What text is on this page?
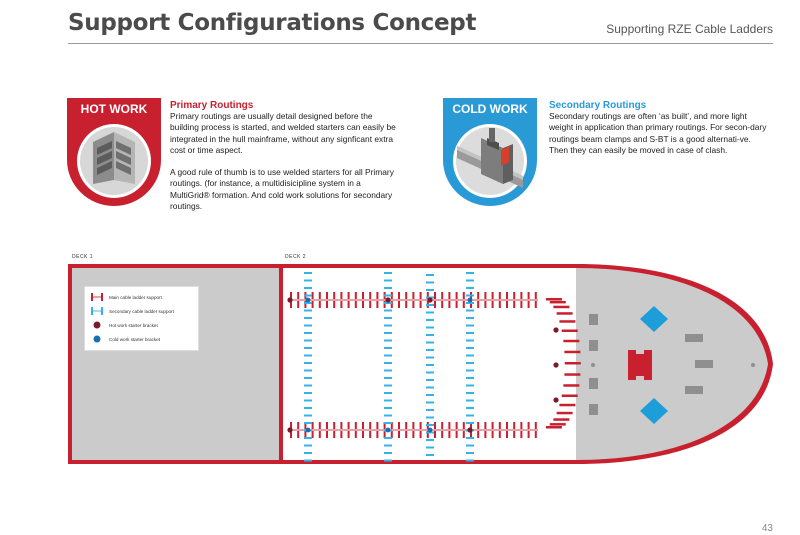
Support Configurations Concept	Supporting RZE Cable Ladders
HOT WORK	Primary Routings

Primary routings are usually detail designed before the building process is started, and welded starters can easily be integrated in the hull mainframe, without any signficant extra cost or time aspect.

A good rule of thumb is to use welded starters for all Primary routings. (for instance, a multidisicipline system in a MultiGrid® formation. And cold work solutions for secondary routings.

COLD WORK	Secondary Routings

Secondary routings are often ‘as built’, and more light weight in application than primary routings. For secon-dary routings beam clamps and S-BT is a good alternati-ve. Then they can easily be moved in case of clash.

DECK 1	DECK 2
Main cable ladder support
Secondary cable ladder support
Hot work starter bracket
Cold work starter bracket
43
